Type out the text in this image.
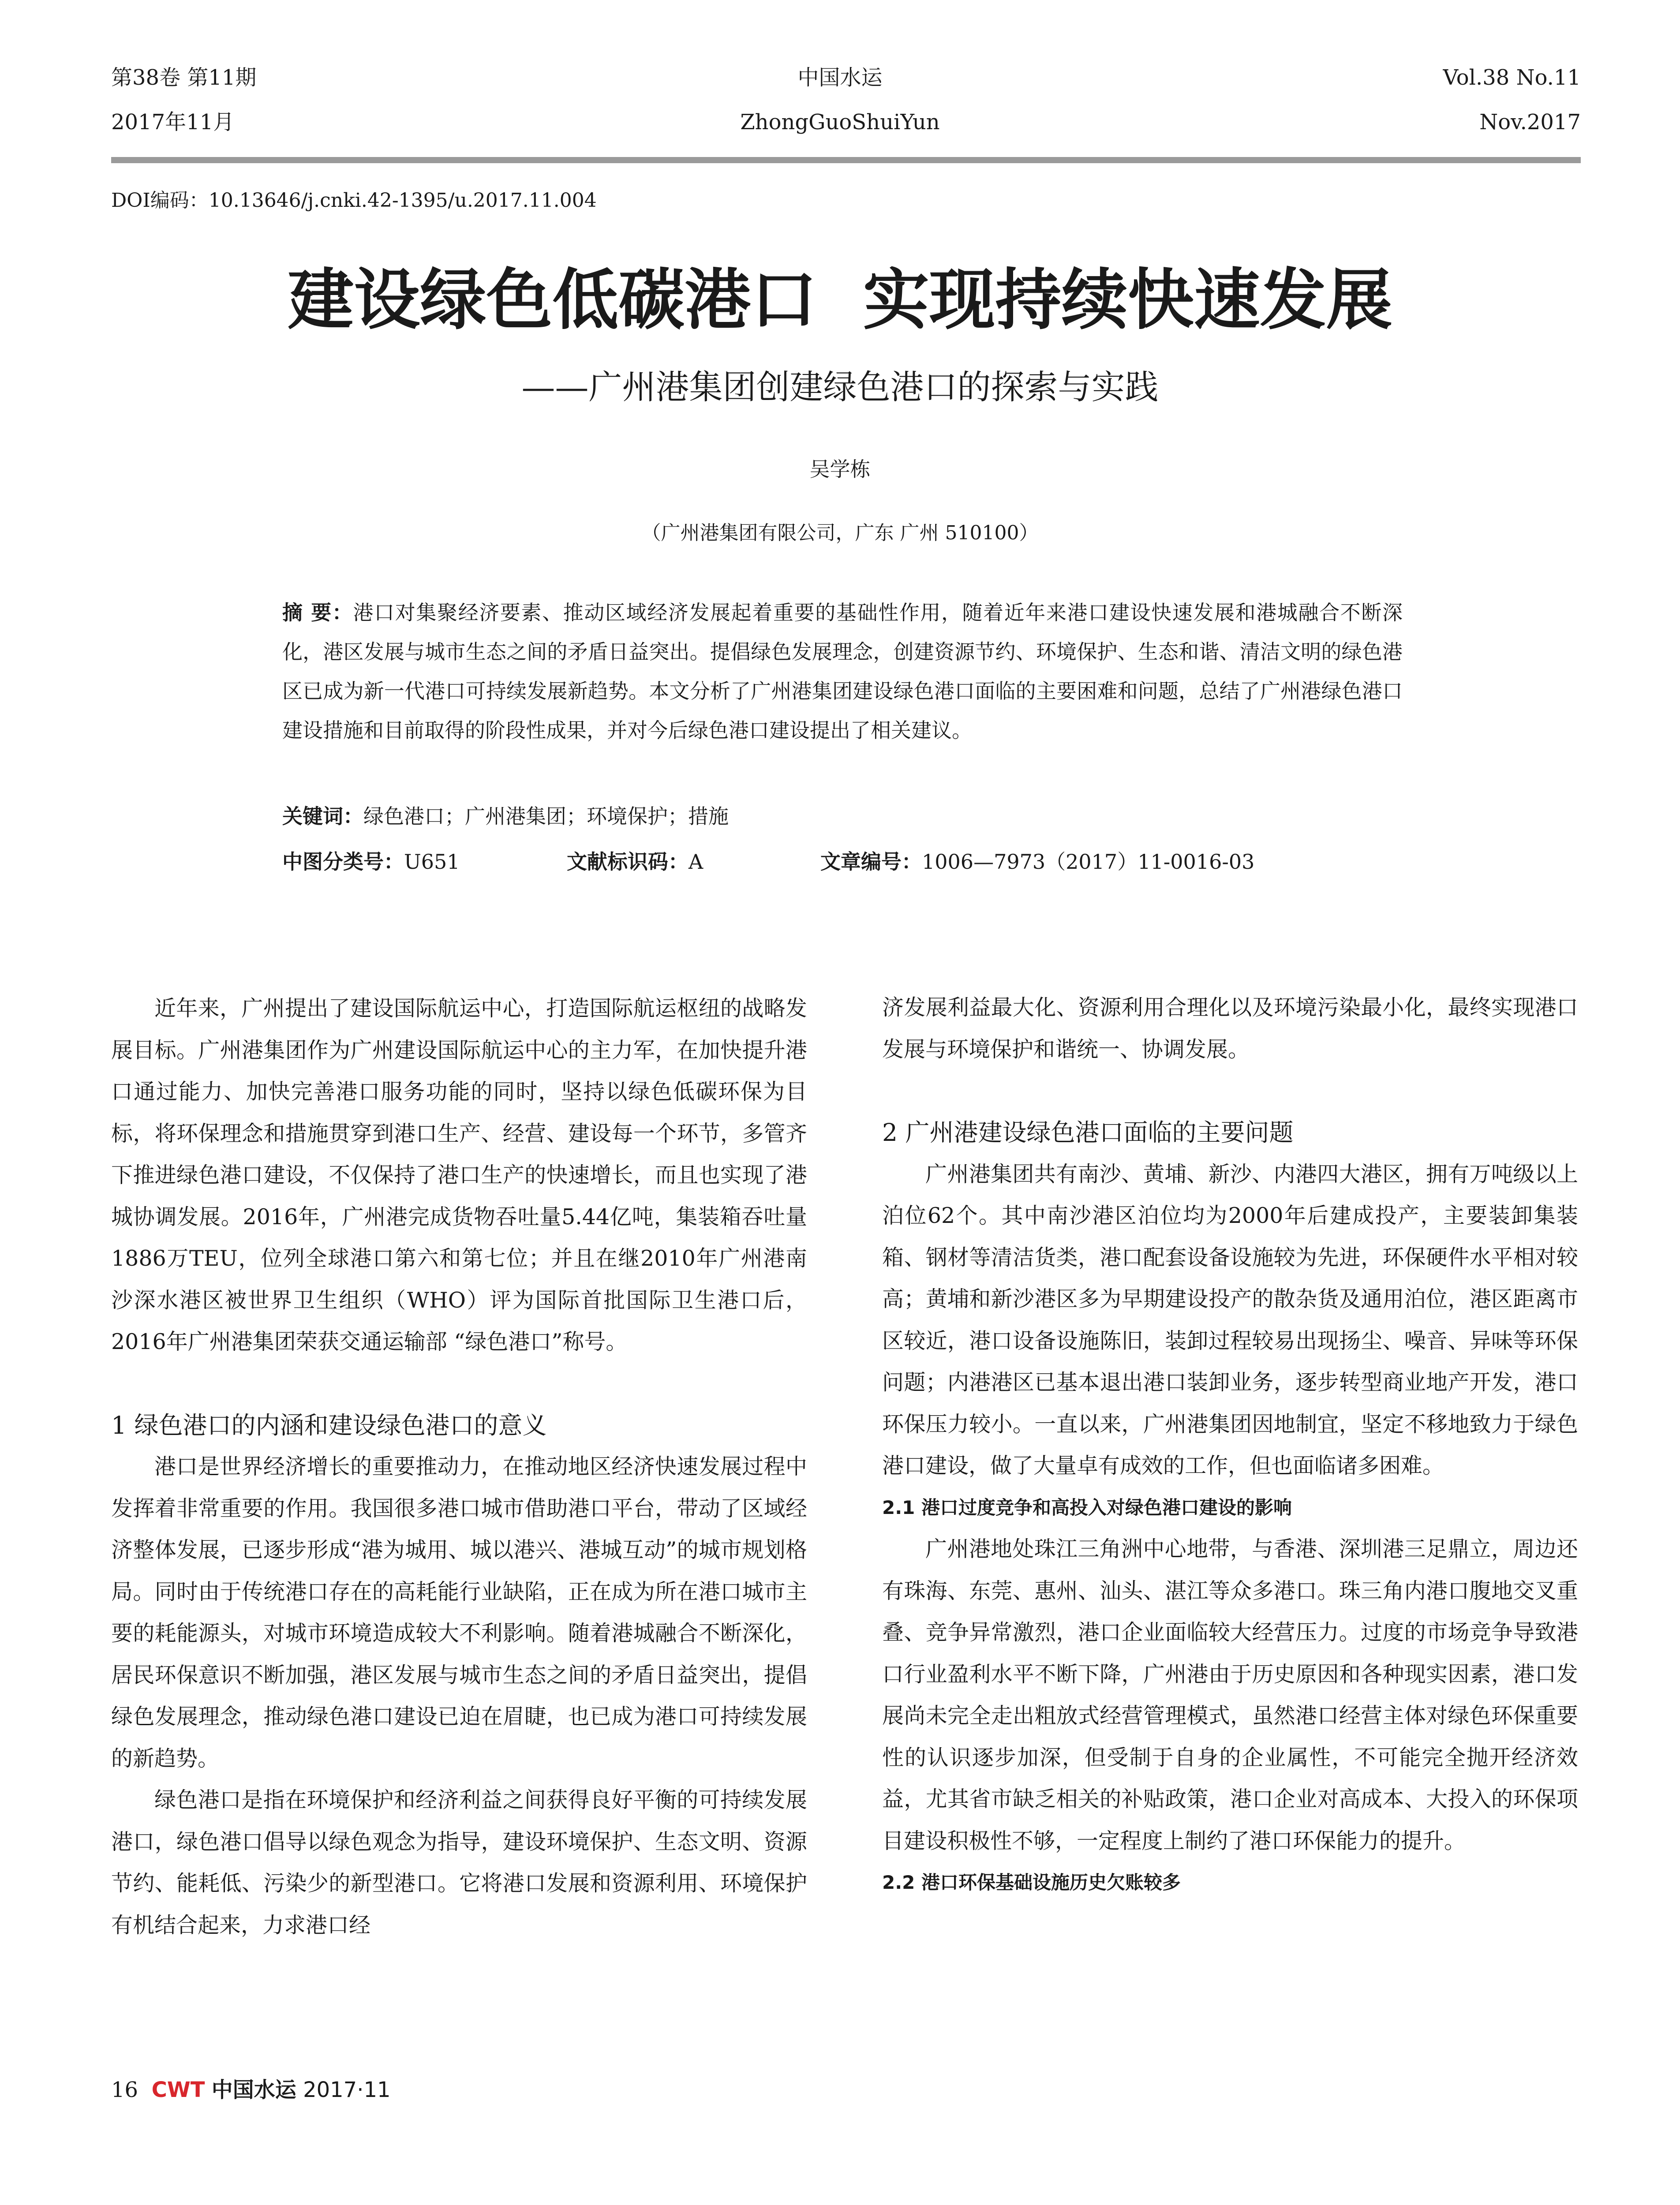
第38卷 第11期
2017年11月
中国水运
ZhongGuoShuiYun
Vol.38 No.11
Nov.2017
DOI编码：10.13646/j.cnki.42-1395/u.2017.11.004
建设绿色低碳港口  实现持续快速发展
——广州港集团创建绿色港口的探索与实践
吴学栋
（广州港集团有限公司，广东 广州 510100）
摘 要：港口对集聚经济要素、推动区域经济发展起着重要的基础性作用，随着近年来港口建设快速发展和港城融合不断深化，港区发展与城市生态之间的矛盾日益突出。提倡绿色发展理念，创建资源节约、环境保护、生态和谐、清洁文明的绿色港区已成为新一代港口可持续发展新趋势。本文分析了广州港集团建设绿色港口面临的主要困难和问题，总结了广州港绿色港口建设措施和目前取得的阶段性成果，并对今后绿色港口建设提出了相关建议。
关键词：绿色港口；广州港集团；环境保护；措施
中图分类号：U651	文献标识码：A	文章编号：1006—7973（2017）11-0016-03

近年来，广州提出了建设国际航运中心，打造国际航运枢纽的战略发展目标。广州港集团作为广州建设国际航运中心的主力军，在加快提升港口通过能力、加快完善港口服务功能的同时，坚持以绿色低碳环保为目标，将环保理念和措施贯穿到港口生产、经营、建设每一个环节，多管齐下推进绿色港口建设，不仅保持了港口生产的快速增长，而且也实现了港城协调发展。2016年，广州港完成货物吞吐量5.44亿吨，集装箱吞吐量1886万TEU，位列全球港口第六和第七位；并且在继2010年广州港南沙深水港区被世界卫生组织（WHO）评为国际首批国际卫生港口后，2016年广州港集团荣获交通运输部 “绿色港口”称号。

1 绿色港口的内涵和建设绿色港口的意义

港口是世界经济增长的重要推动力，在推动地区经济快速发展过程中发挥着非常重要的作用。我国很多港口城市借助港口平台，带动了区域经济整体发展，已逐步形成“港为城用、城以港兴、港城互动”的城市规划格局。同时由于传统港口存在的高耗能行业缺陷，正在成为所在港口城市主要的耗能源头，对城市环境造成较大不利影响。随着港城融合不断深化，居民环保意识不断加强，港区发展与城市生态之间的矛盾日益突出，提倡绿色发展理念，推动绿色港口建设已迫在眉睫，也已成为港口可持续发展的新趋势。

绿色港口是指在环境保护和经济利益之间获得良好平衡的可持续发展港口，绿色港口倡导以绿色观念为指导，建设环境保护、生态文明、资源节约、能耗低、污染少的新型港口。它将港口发展和资源利用、环境保护有机结合起来，力求港口经

济发展利益最大化、资源利用合理化以及环境污染最小化，最终实现港口发展与环境保护和谐统一、协调发展。

2 广州港建设绿色港口面临的主要问题

广州港集团共有南沙、黄埔、新沙、内港四大港区，拥有万吨级以上泊位62个。其中南沙港区泊位均为2000年后建成投产，主要装卸集装箱、钢材等清洁货类，港口配套设备设施较为先进，环保硬件水平相对较高；黄埔和新沙港区多为早期建设投产的散杂货及通用泊位，港区距离市区较近，港口设备设施陈旧，装卸过程较易出现扬尘、噪音、异味等环保问题；内港港区已基本退出港口装卸业务，逐步转型商业地产开发，港口环保压力较小。一直以来，广州港集团因地制宜，坚定不移地致力于绿色港口建设，做了大量卓有成效的工作，但也面临诸多困难。

2.1 港口过度竞争和高投入对绿色港口建设的影响

广州港地处珠江三角洲中心地带，与香港、深圳港三足鼎立，周边还有珠海、东莞、惠州、汕头、湛江等众多港口。珠三角内港口腹地交叉重叠、竞争异常激烈，港口企业面临较大经营压力。过度的市场竞争导致港口行业盈利水平不断下降，广州港由于历史原因和各种现实因素，港口发展尚未完全走出粗放式经营管理模式，虽然港口经营主体对绿色环保重要性的认识逐步加深，但受制于自身的企业属性，不可能完全抛开经济效益，尤其省市缺乏相关的补贴政策，港口企业对高成本、大投入的环保项目建设积极性不够，一定程度上制约了港口环保能力的提升。

2.2 港口环保基础设施历史欠账较多
16 CWT 中国水运 2017·11
